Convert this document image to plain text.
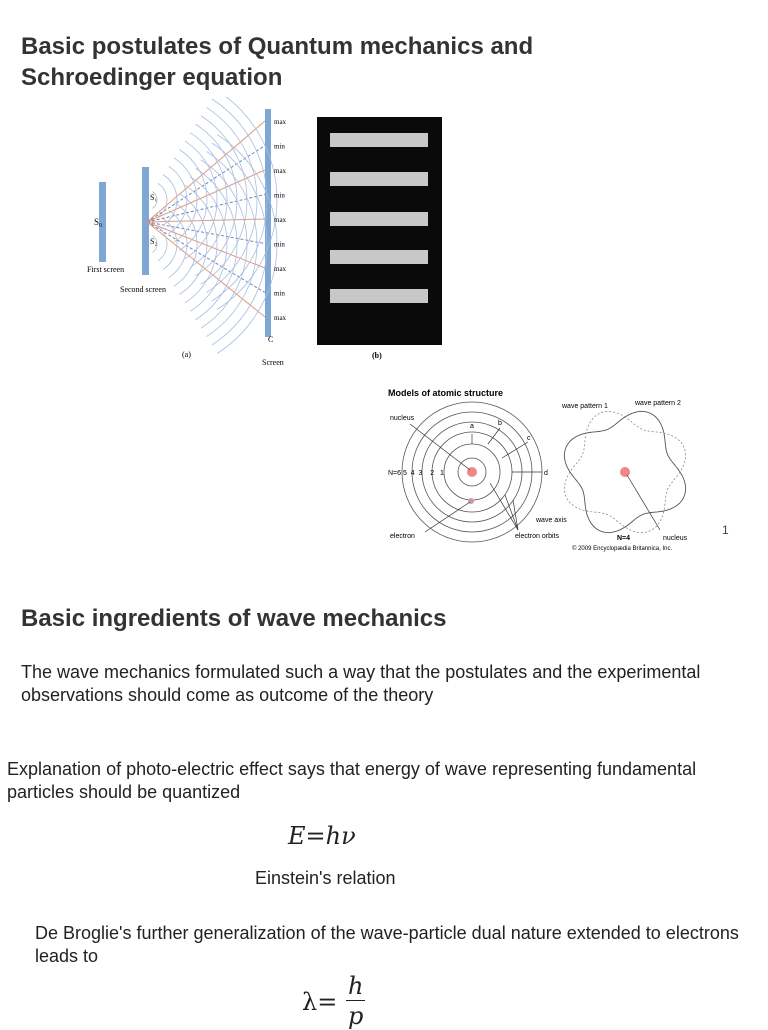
Basic postulates of Quantum mechanics and
Schroedinger equation
S₀
S₁
S₂
First screen
Second screen
C
Screen
(a)
max
min
max
min
max
min
max
min
max
(b)
Models of atomic structure
nucleus
N=6 5  4  3    2   1
a	b
c
d
electron	electron orbits
wave pattern 1	wave pattern 2
wave axis
N=4	nucleus
© 2009 Encyclopædia Britannica, Inc.
1
Basic ingredients of wave mechanics
The wave mechanics formulated such a way that the postulates and the experimental observations should come as outcome of the theory
Explanation of photo-electric effect says that energy of wave representing fundamental particles should be quantized
E=hν
Einstein's relation
De Broglie's further generalization of the wave-particle dual nature extended to electrons leads to
λ=
h
p
